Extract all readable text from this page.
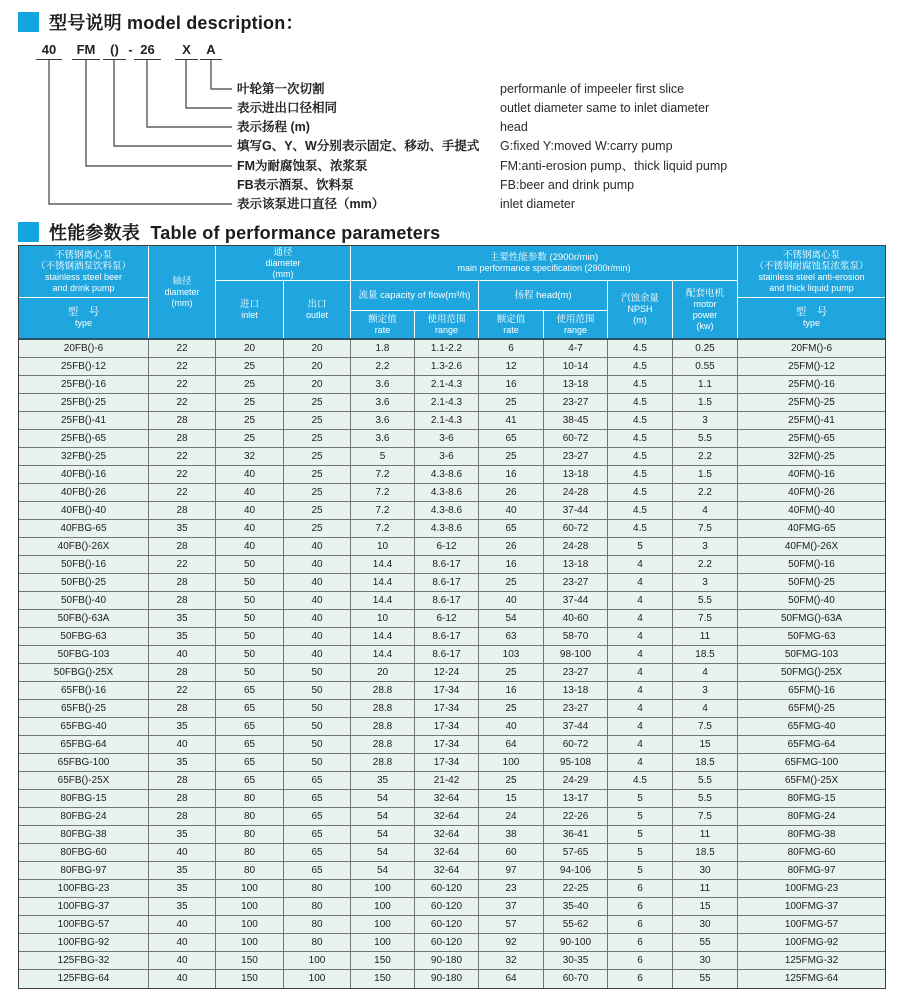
型号说明 model description：
40	FM	() - 26	X	A
叶轮第一次切割
表示进出口径相同
表示扬程 (m)
填写G、Y、W分别表示固定、移动、手提式
FM为耐腐蚀泵、浓浆泵
FB表示酒泵、饮料泵
表示该泵进口直径（mm）
performanle of impeeler first slice
outlet diameter same to inlet diameter
head
G:fixed Y:moved W:carry pump
FM:anti-erosion pump、thick liquid pump
FB:beer and drink pump
inlet diameter
性能参数表 Table of performance parameters
不锈钢离心泵
（不锈钢酒泵饮料泵）
stainless steel beer
and drink pump
型　号
type
轴径
diameter
(mm)
通径
diameter
(mm)
进口
inlet
出口
outlet
主要性能参数 (2900r/min)
main performance specification (2900r/min)
流量 capacity of flow(m³/h)	扬程 head(m)
额定值
rate
使用范围
range
额定值
rate
使用范围
range
汽蚀余量
NPSH
(m)
配套电机
motor
power
(kw)
不锈钢离心泵
（不锈钢耐腐蚀泵浓浆泵）
stainless steel anti-erosion
and thick liquid pump
型　号
type
20FB()-6	22	20	20	1.8	1.1-2.2	6	4-7	4.5	0.25	20FM()-6
25FB()-12	22	25	20	2.2	1.3-2.6	12	10-14	4.5	0.55	25FM()-12
25FB()-16	22	25	20	3.6	2.1-4.3	16	13-18	4.5	1.1	25FM()-16
25FB()-25	22	25	25	3.6	2.1-4.3	25	23-27	4.5	1.5	25FM()-25
25FB()-41	28	25	25	3.6	2.1-4.3	41	38-45	4.5	3	25FM()-41
25FB()-65	28	25	25	3.6	3-6	65	60-72	4.5	5.5	25FM()-65
32FB()-25	22	32	25	5	3-6	25	23-27	4.5	2.2	32FM()-25
40FB()-16	22	40	25	7.2	4.3-8.6	16	13-18	4.5	1.5	40FM()-16
40FB()-26	22	40	25	7.2	4.3-8.6	26	24-28	4.5	2.2	40FM()-26
40FB()-40	28	40	25	7.2	4.3-8.6	40	37-44	4.5	4	40FM()-40
40FBG-65	35	40	25	7.2	4.3-8.6	65	60-72	4.5	7.5	40FMG-65
40FB()-26X	28	40	40	10	6-12	26	24-28	5	3	40FM()-26X
50FB()-16	22	50	40	14.4	8.6-17	16	13-18	4	2.2	50FM()-16
50FB()-25	28	50	40	14.4	8.6-17	25	23-27	4	3	50FM()-25
50FB()-40	28	50	40	14.4	8.6-17	40	37-44	4	5.5	50FM()-40
50FB()-63A	35	50	40	10	6-12	54	40-60	4	7.5	50FMG()-63A
50FBG-63	35	50	40	14.4	8.6-17	63	58-70	4	11	50FMG-63
50FBG-103	40	50	40	14.4	8.6-17	103	98-100	4	18.5	50FMG-103
50FBG()-25X	28	50	50	20	12-24	25	23-27	4	4	50FMG()-25X
65FB()-16	22	65	50	28.8	17-34	16	13-18	4	3	65FM()-16
65FB()-25	28	65	50	28.8	17-34	25	23-27	4	4	65FM()-25
65FBG-40	35	65	50	28.8	17-34	40	37-44	4	7.5	65FMG-40
65FBG-64	40	65	50	28.8	17-34	64	60-72	4	15	65FMG-64
65FBG-100	35	65	50	28.8	17-34	100	95-108	4	18.5	65FMG-100
65FB()-25X	28	65	65	35	21-42	25	24-29	4.5	5.5	65FM()-25X
80FBG-15	28	80	65	54	32-64	15	13-17	5	5.5	80FMG-15
80FBG-24	28	80	65	54	32-64	24	22-26	5	7.5	80FMG-24
80FBG-38	35	80	65	54	32-64	38	36-41	5	11	80FMG-38
80FBG-60	40	80	65	54	32-64	60	57-65	5	18.5	80FMG-60
80FBG-97	35	80	65	54	32-64	97	94-106	5	30	80FMG-97
100FBG-23	35	100	80	100	60-120	23	22-25	6	11	100FMG-23
100FBG-37	35	100	80	100	60-120	37	35-40	6	15	100FMG-37
100FBG-57	40	100	80	100	60-120	57	55-62	6	30	100FMG-57
100FBG-92	40	100	80	100	60-120	92	90-100	6	55	100FMG-92
125FBG-32	40	150	100	150	90-180	32	30-35	6	30	125FMG-32
125FBG-64	40	150	100	150	90-180	64	60-70	6	55	125FMG-64
